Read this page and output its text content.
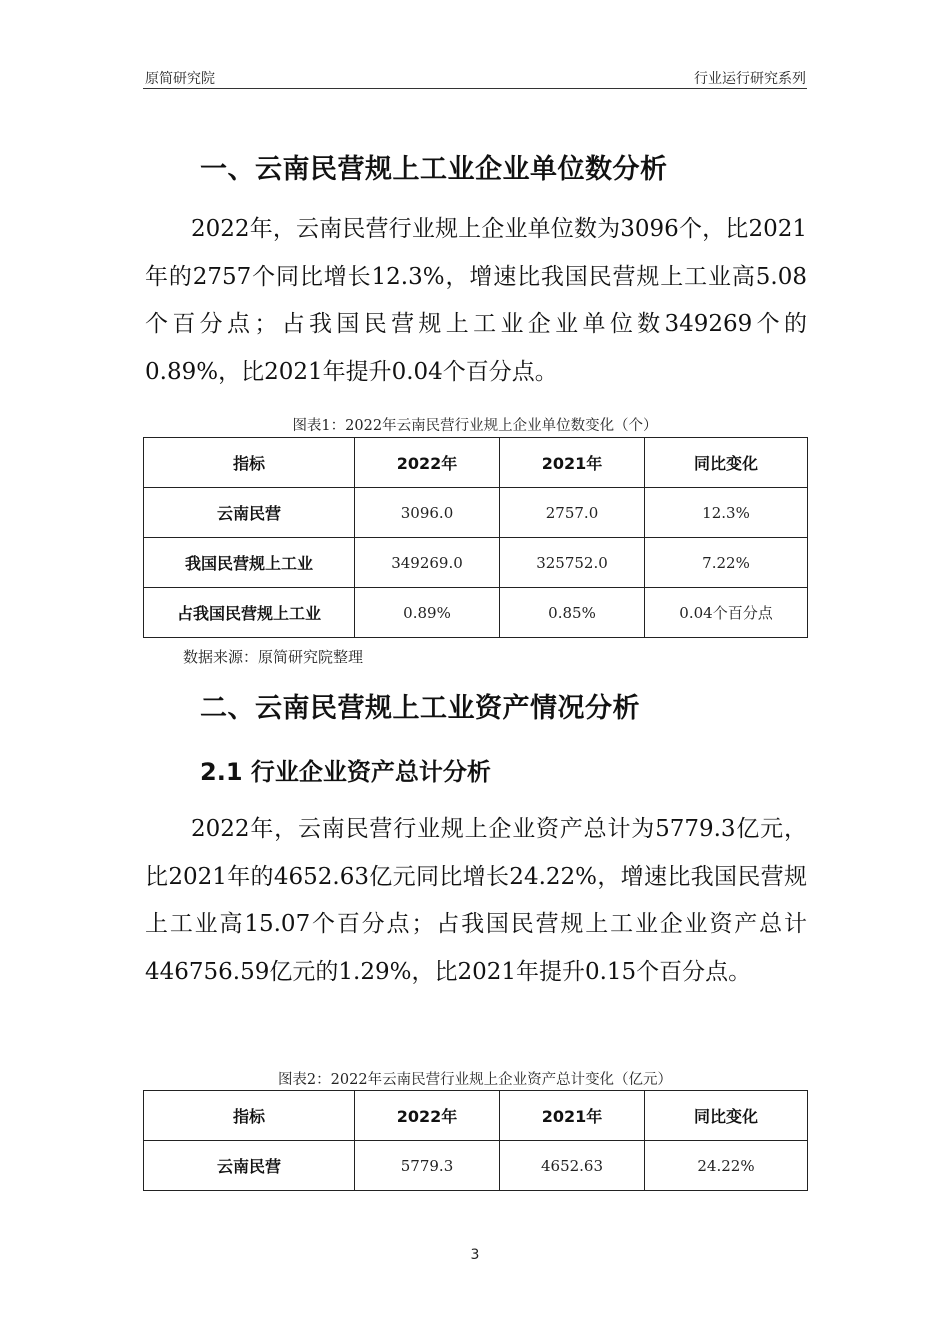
原简研究院	行业运行研究系列
一、云南民营规上工业企业单位数分析
2022年，云南民营行业规上企业单位数为3096个，比2021年的2757个同比增长12.3%，增速比我国民营规上工业高5.08个百分点；占我国民营规上工业企业单位数349269个的0.89%，比2021年提升0.04个百分点。
图表1：2022年云南民营行业规上企业单位数变化（个）
指标	2022年	2021年	同比变化
云南民营	3096.0	2757.0	12.3%
我国民营规上工业	349269.0	325752.0	7.22%
占我国民营规上工业	0.89%	0.85%	0.04个百分点
数据来源：原简研究院整理
二、云南民营规上工业资产情况分析
2.1 行业企业资产总计分析
2022年，云南民营行业规上企业资产总计为5779.3亿元，比2021年的4652.63亿元同比增长24.22%，增速比我国民营规上工业高15.07个百分点；占我国民营规上工业企业资产总计446756.59亿元的1.29%，比2021年提升0.15个百分点。
图表2：2022年云南民营行业规上企业资产总计变化（亿元）
指标	2022年	2021年	同比变化
云南民营	5779.3	4652.63	24.22%
3
